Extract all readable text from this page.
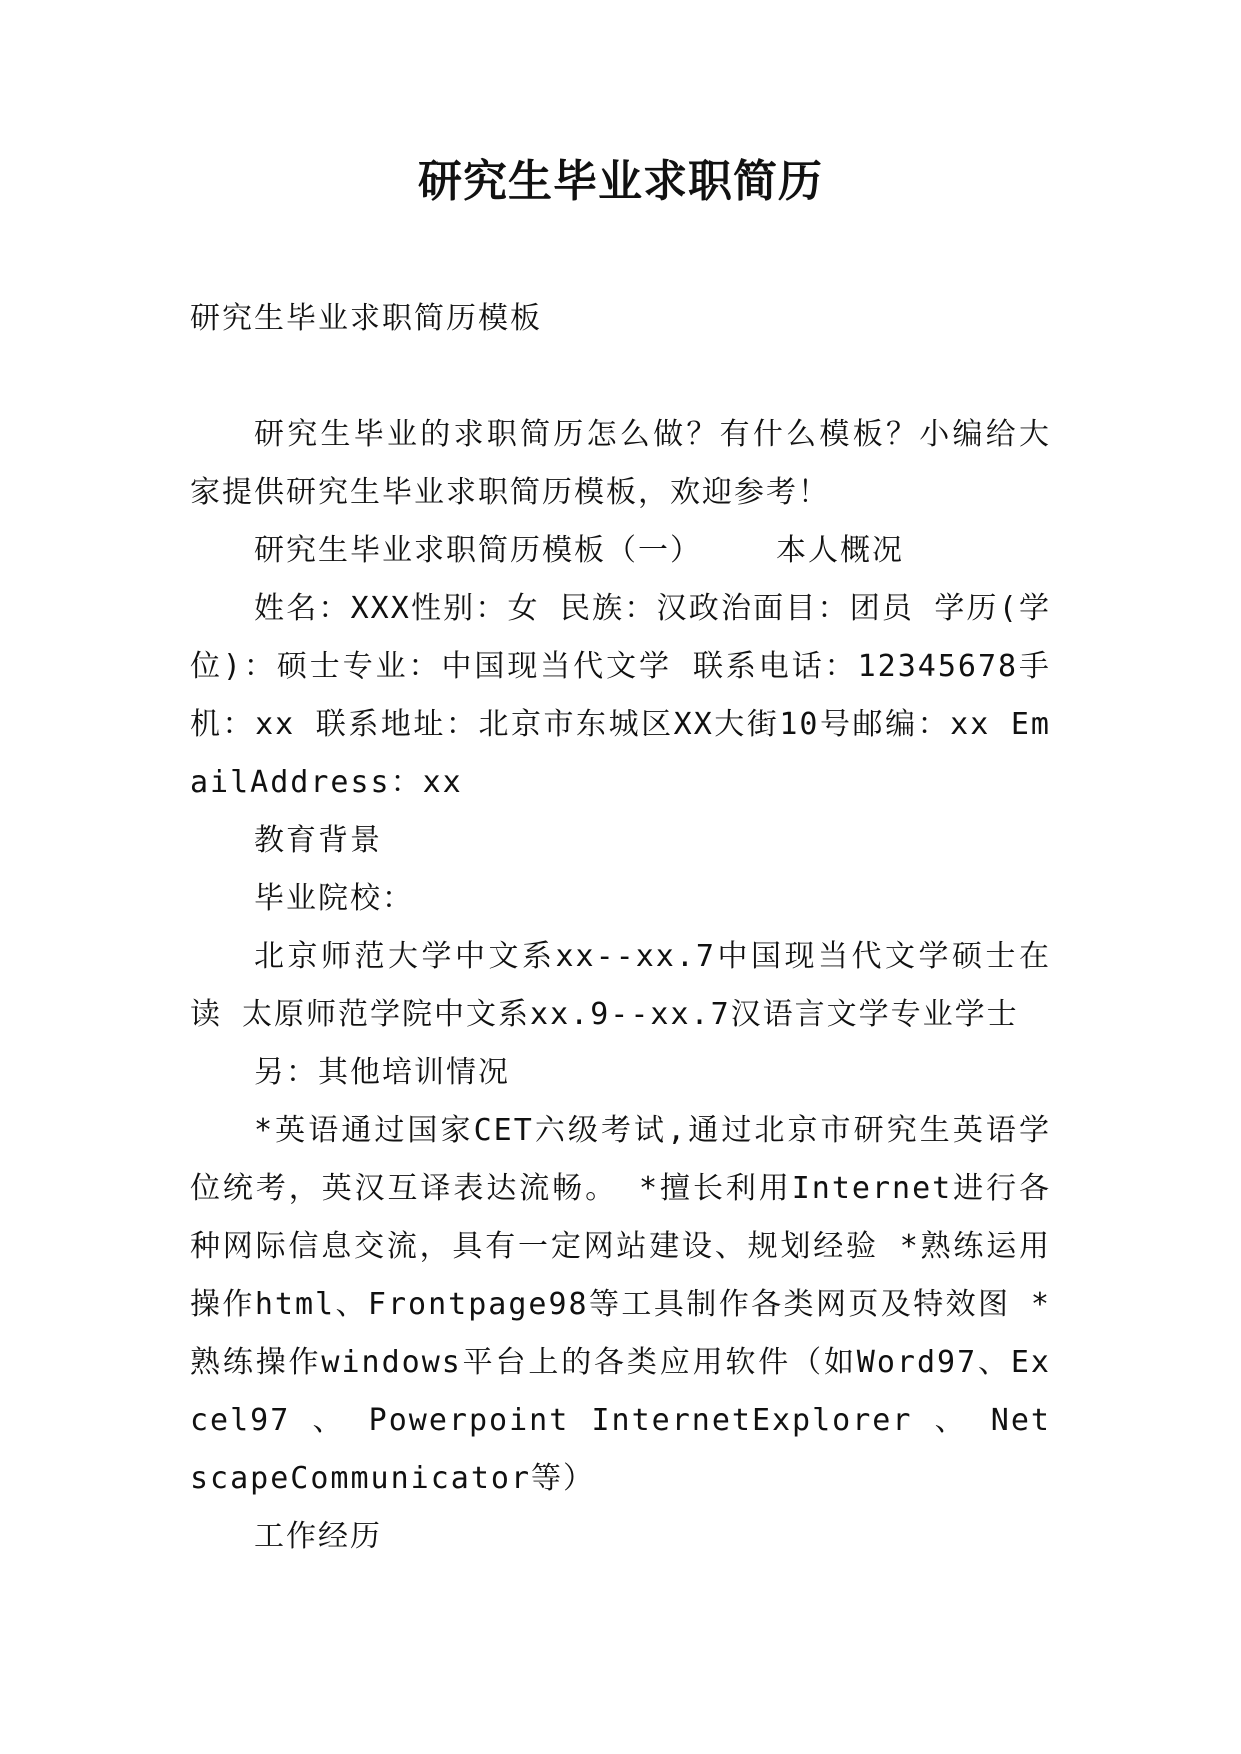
研究生毕业求职简历

研究生毕业求职简历模板

研究生毕业的求职简历怎么做？有什么模板？小编给大家提供研究生毕业求职简历模板，欢迎参考！

研究生毕业求职简历模板（一） 本人概况

姓名：XXX性别：女 民族：汉政治面目：团员 学历(学位)：硕士专业：中国现当代文学 联系电话：12345678手机：xx 联系地址：北京市东城区XX大街10号邮编：xx EmailAddress：xx

教育背景

毕业院校：

北京师范大学中文系xx--xx.7中国现当代文学硕士在读 太原师范学院中文系xx.9--xx.7汉语言文学专业学士

另：其他培训情况

*英语通过国家CET六级考试,通过北京市研究生英语学位统考，英汉互译表达流畅。 *擅长利用Internet进行各种网际信息交流，具有一定网站建设、规划经验 *熟练运用操作html、Frontpage98等工具制作各类网页及特效图 *熟练操作windows平台上的各类应用软件（如Word97、Excel97 、 Powerpoint InternetExplorer 、 NetscapeCommunicator等）

工作经历
